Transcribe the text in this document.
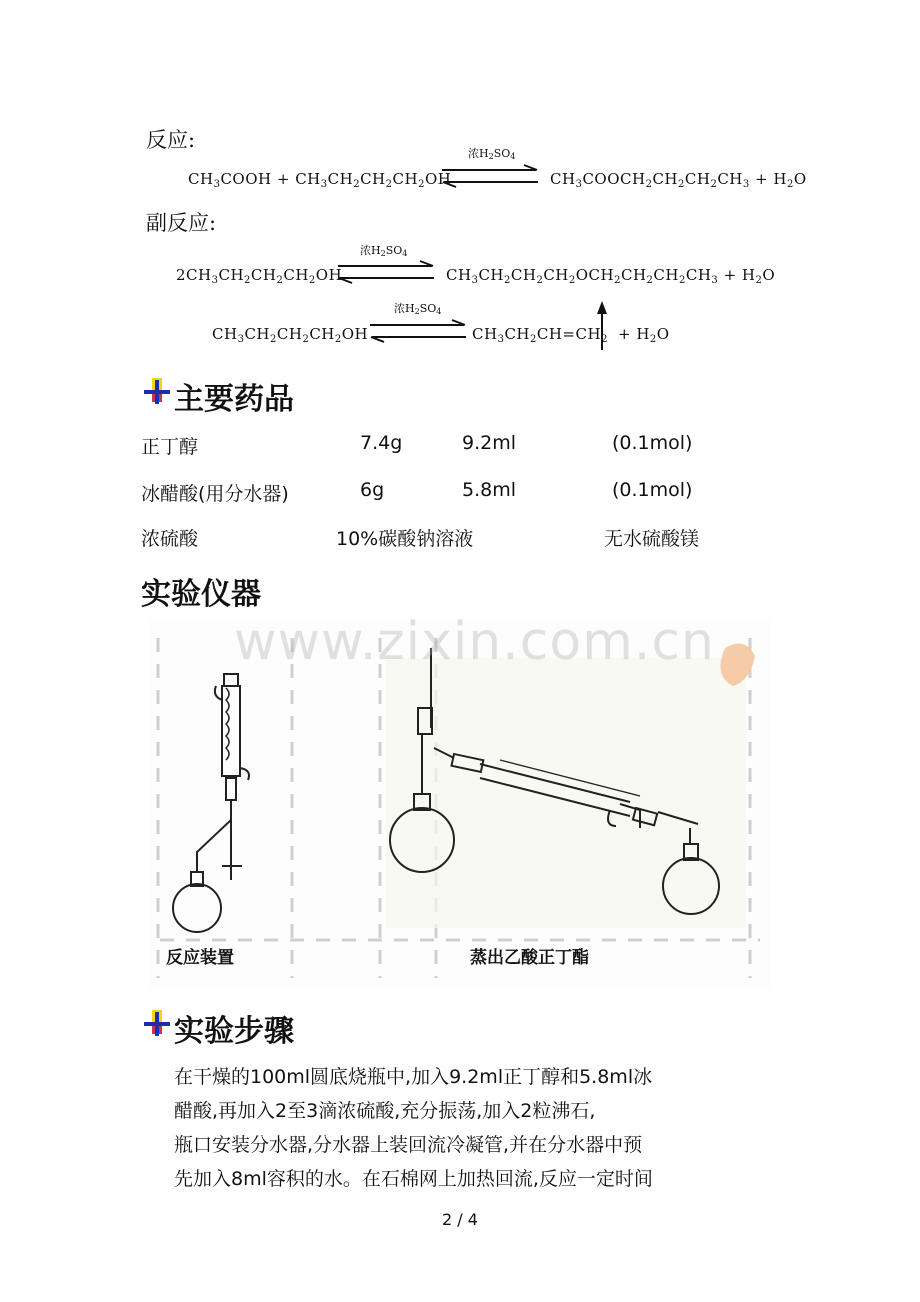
反应:
浓$H_2SO_4$
$CH_3COOH + CH_3CH_2CH_2CH_2OH$	$CH_3COOCH_2CH_2CH_2CH_3 + H_2O$
副反应:
浓$H_2SO_4$
$2CH_3CH_2CH_2CH_2OH$	$CH_3CH_2CH_2CH_2OCH_2CH_2CH_2CH_3 + H_2O$
浓$H_2SO_4$
$CH_3CH_2CH_2CH_2OH$	$CH_3CH_2CH=CH_2 + H_2O$
主要药品
正丁醇	7.4g	9.2ml	(0.1mol)
冰醋酸(用分水器)	6g	5.8ml	(0.1mol)
浓硫酸	10%碳酸钠溶液	无水硫酸镁
实验仪器
www.zixin.com.cn
反应装置	蒸出乙酸正丁酯
实验步骤
在干燥的100ml圆底烧瓶中,加入9.2ml正丁醇和5.8ml冰
醋酸,再加入2至3滴浓硫酸,充分振荡,加入2粒沸石,
瓶口安装分水器,分水器上装回流冷凝管,并在分水器中预
先加入8ml容积的水。在石棉网上加热回流,反应一定时间
2 / 4
